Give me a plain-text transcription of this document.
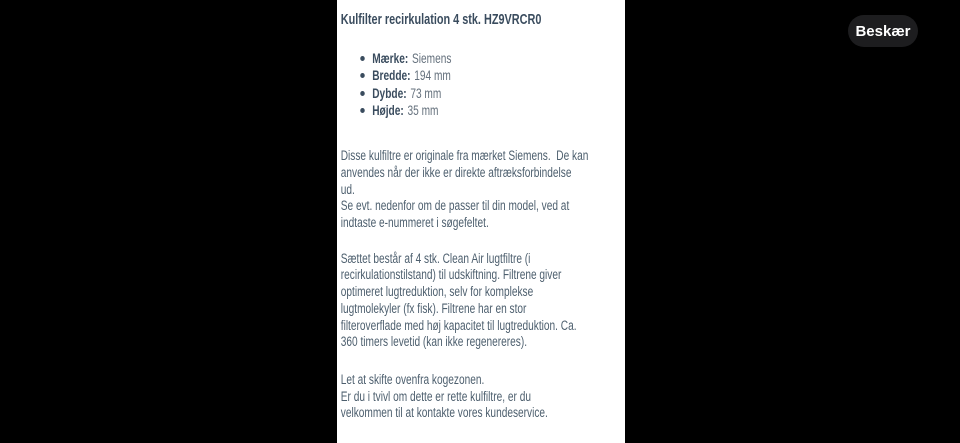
Kulfilter recirkulation 4 stk. HZ9VRCR0
Mærke: Siemens
Bredde: 194 mm
Dybde: 73 mm
Højde: 35 mm
Disse kulfiltre er originale fra mærket Siemens.  De kan
anvendes når der ikke er direkte aftræksforbindelse
ud.
Se evt. nedenfor om de passer til din model, ved at
indtaste e-nummeret i søgefeltet.
Sættet består af 4 stk. Clean Air lugtfiltre (i
recirkulationstilstand) til udskiftning. Filtrene giver
optimeret lugtreduktion, selv for komplekse
lugtmolekyler (fx fisk). Filtrene har en stor
filteroverflade med høj kapacitet til lugtreduktion. Ca.
360 timers levetid (kan ikke regenereres).
Let at skifte ovenfra kogezonen.
Er du i tvivl om dette er rette kulfiltre, er du
velkommen til at kontakte vores kundeservice.
Beskær
